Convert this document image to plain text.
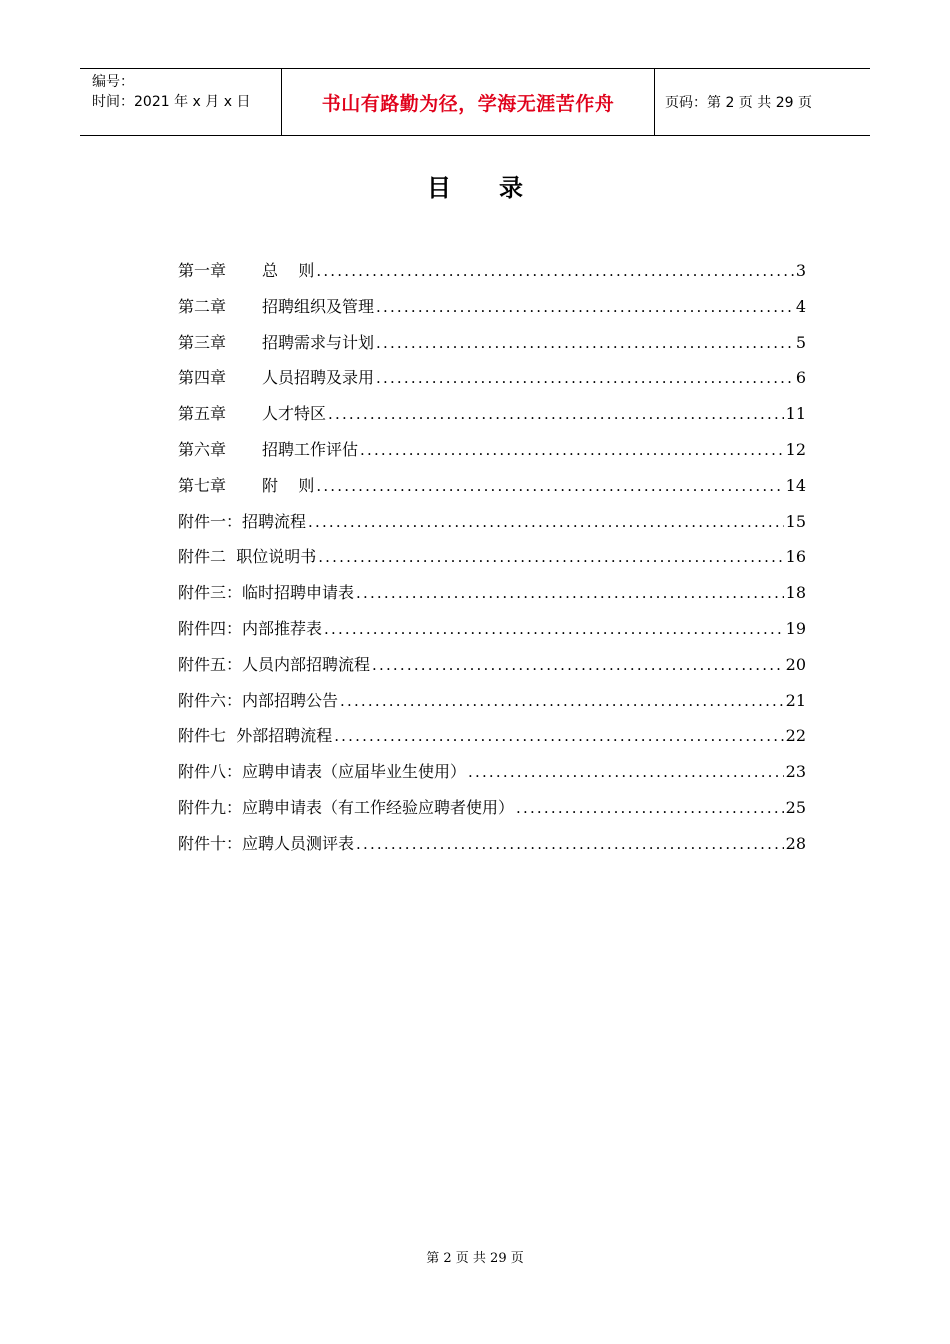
编号：
时间：2021 年 x 月 x 日	书山有路勤为径，学海无涯苦作舟	页码：第 2 页 共 29 页
目 录
第一章	总    则 .....	3
第二章	招聘组织及管理 .....	4
第三章	招聘需求与计划 .....	5
第四章	人员招聘及录用 .....	6
第五章	人才特区 .....	11
第六章	招聘工作评估 .....	12
第七章	附    则 .....	14
附件一： 招聘流程 .....	15
附件二 职位说明书 .....	16
附件三： 临时招聘申请表 .....	18
附件四： 内部推荐表 .....	19
附件五： 人员内部招聘流程 .....	20
附件六： 内部招聘公告 .....	21
附件七 外部招聘流程 .....	22
附件八： 应聘申请表（应届毕业生使用） .....	23
附件九： 应聘申请表（有工作经验应聘者使用） .....	25
附件十： 应聘人员测评表 .....	28
第 2 页 共 29 页
